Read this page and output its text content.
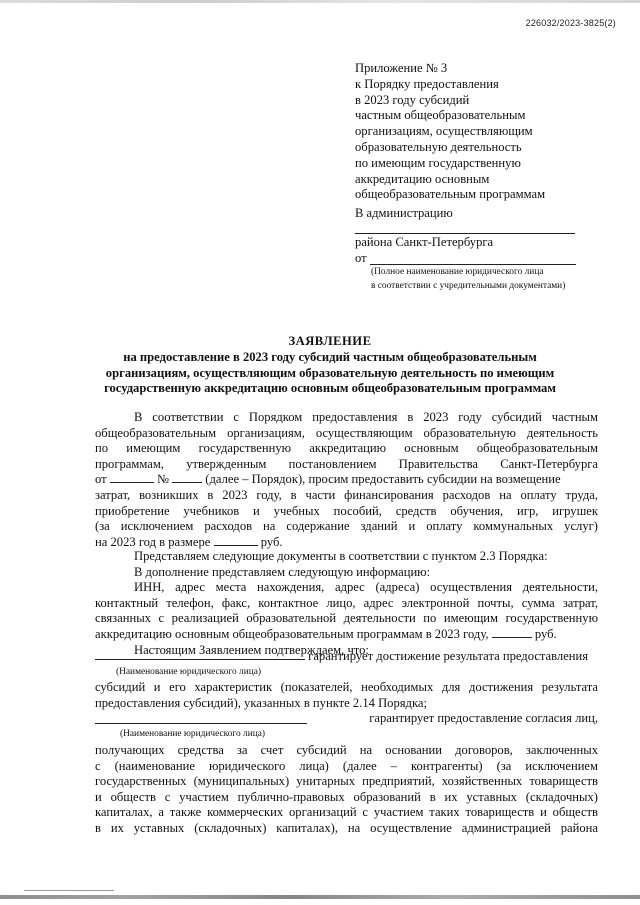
226032/2023-3825(2)
Приложение № 3
к Порядку предоставления
в 2023 году субсидий
частным общеобразовательным
организациям, осуществляющим
образовательную деятельность
по имеющим государственную
аккредитацию основным
общеобразовательным программам
В администрацию
района Санкт-Петербурга
от
(Полное наименование юридического лица
в соответствии с учредительными документами)
ЗАЯВЛЕНИЕ
на предоставление в 2023 году субсидий частным общеобразовательным
организациям, осуществляющим образовательную деятельность по имеющим
государственную аккредитацию основным общеобразовательным программам
В соответствии с Порядком предоставления в 2023 году субсидий частным
общеобразовательным организациям, осуществляющим образовательную деятельность
по имеющим государственную аккредитацию основным общеобразовательным
программам, утвержденным постановлением Правительства Санкт-Петербурга
от	№	(далее – Порядок), просим предоставить субсидии на возмещение
затрат, возникших в 2023 году, в части финансирования расходов на оплату труда,
приобретение учебников и учебных пособий, средств обучения, игр, игрушек
(за исключением расходов на содержание зданий и оплату коммунальных услуг)
на 2023 год в размере	руб.
Представляем следующие документы в соответствии с пунктом 2.3 Порядка:
В дополнение представляем следующую информацию:
ИНН, адрес места нахождения, адрес (адреса) осуществления деятельности,
контактный телефон, факс, контактное лицо, адрес электронной почты, сумма затрат,
связанных с реализацией образовательной деятельности по имеющим государственную
аккредитацию основным общеобразовательным программам в 2023 году,	руб.
Настоящим Заявлением подтверждаем, что:
гарантирует достижение результата предоставления
(Наименование юридического лица)
субсидий и его характеристик (показателей, необходимых для достижения результата
предоставления субсидий), указанных в пункте 2.14 Порядка;
гарантирует предоставление согласия лиц,
(Наименование юридического лица)
получающих средства за счет субсидий на основании договоров, заключенных
с (наименование юридического лица) (далее – контрагенты) (за исключением
государственных (муниципальных) унитарных предприятий, хозяйственных товариществ
и обществ с участием публично-правовых образований в их уставных (складочных)
капиталах, а также коммерческих организаций с участием таких товариществ и обществ
в их уставных (складочных) капиталах), на осуществление администрацией района
